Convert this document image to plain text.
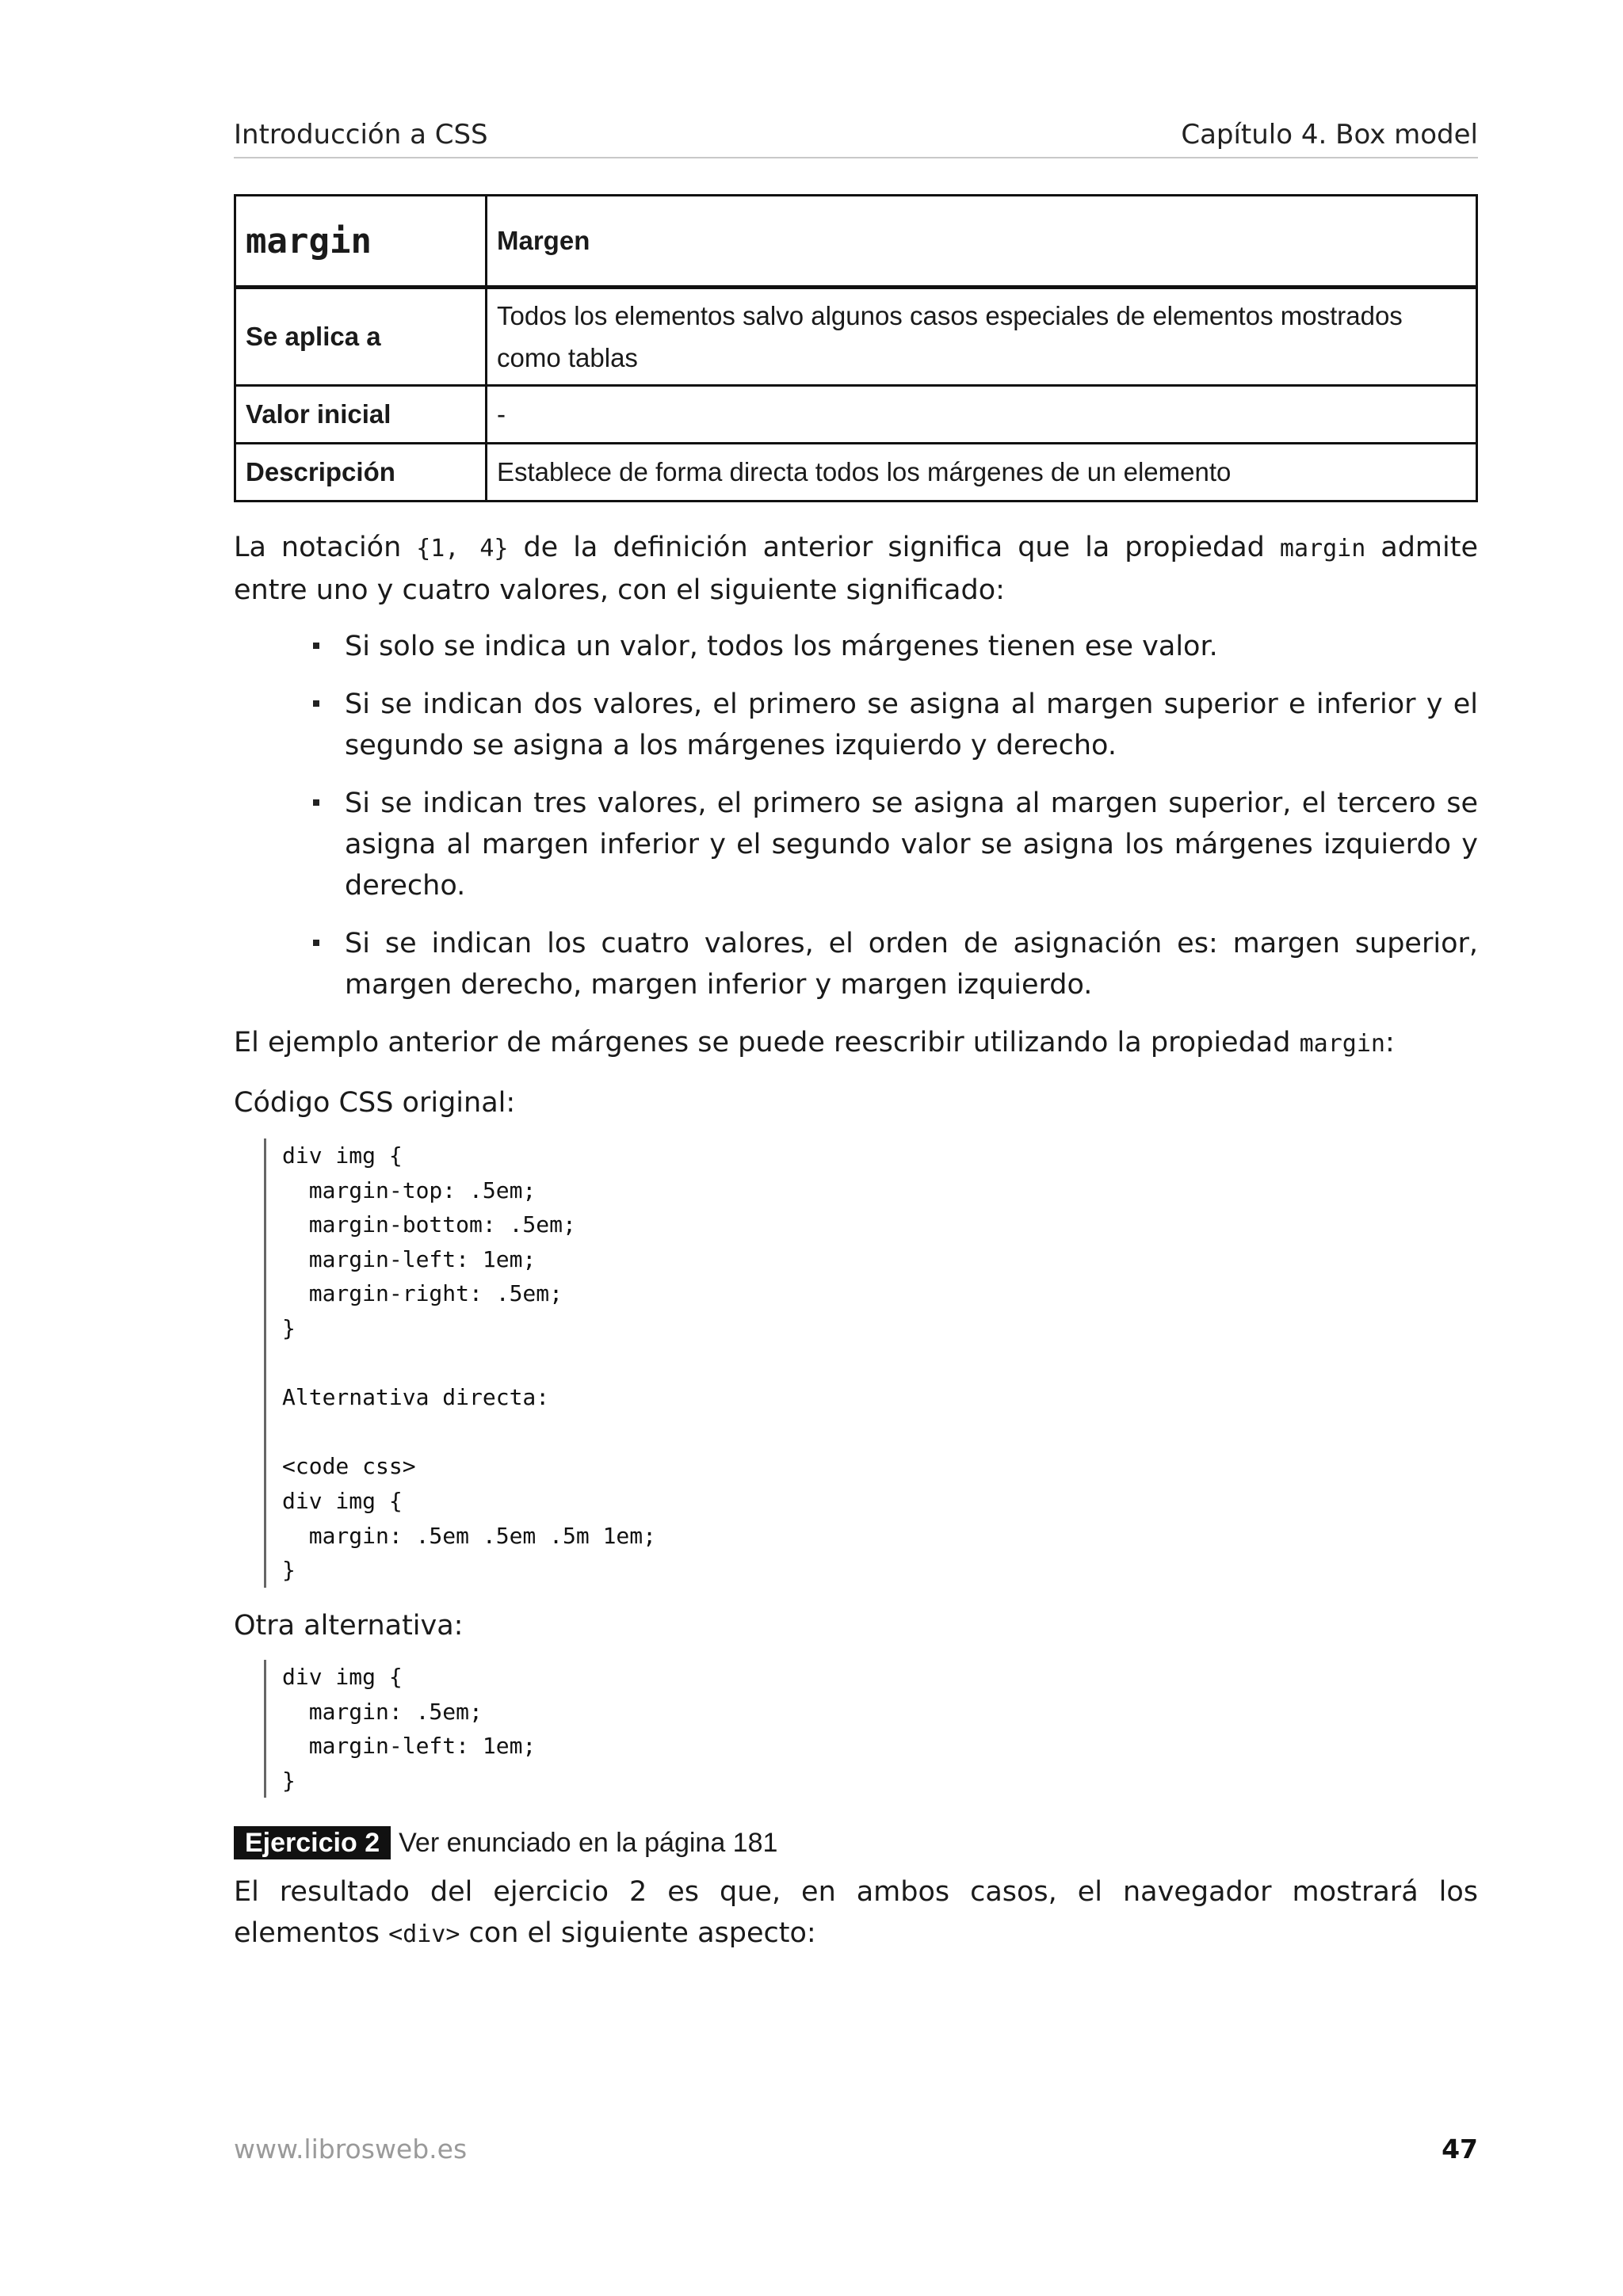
Introducción a CSS	Capítulo 4. Box model
margin	Margen
Se aplica a	Todos los elementos salvo algunos casos especiales de elementos mostrados como tablas
Valor inicial	-
Descripción	Establece de forma directa todos los márgenes de un elemento

La notación {1, 4} de la definición anterior significa que la propiedad margin admite entre uno y cuatro valores, con el siguiente significado:

Si solo se indica un valor, todos los márgenes tienen ese valor.
Si se indican dos valores, el primero se asigna al margen superior e inferior y el segundo se asigna a los márgenes izquierdo y derecho.
Si se indican tres valores, el primero se asigna al margen superior, el tercero se asigna al margen inferior y el segundo valor se asigna los márgenes izquierdo y derecho.
Si se indican los cuatro valores, el orden de asignación es: margen superior, margen derecho, margen inferior y margen izquierdo.

El ejemplo anterior de márgenes se puede reescribir utilizando la propiedad margin:

Código CSS original:

div img {
margin-top: .5em;
margin-bottom: .5em;
margin-left: 1em;
margin-right: .5em;
}

Alternativa directa:

<code css>
div img {
margin: .5em .5em .5m 1em;
}

Otra alternativa:

div img {
margin: .5em;
margin-left: 1em;
}
Ejercicio 2 Ver enunciado en la página 181

El resultado del ejercicio 2 es que, en ambos casos, el navegador mostrará los elementos <div> con el siguiente aspecto:

www.librosweb.es	47
